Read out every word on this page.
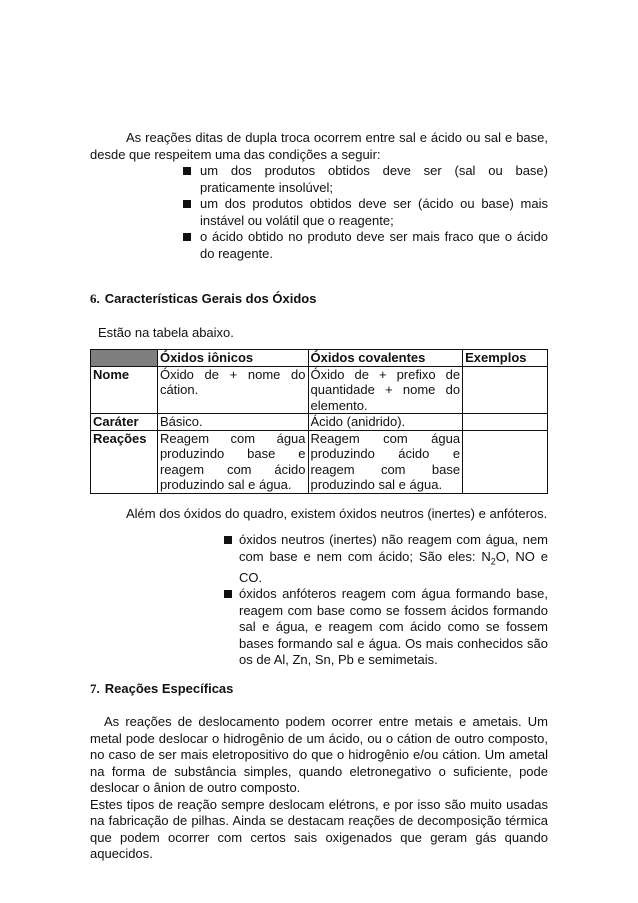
As reações ditas de dupla troca ocorrem entre sal e ácido ou sal e base, desde que respeitem uma das condições a seguir:

um dos produtos obtidos deve ser (sal ou base) praticamente insolúvel;
um dos produtos obtidos deve ser (ácido ou base) mais instável ou volátil que o reagente;
o ácido obtido no produto deve ser mais fraco que o ácido do reagente.
6. Características Gerais dos Óxidos

Estão na tabela abaixo.

	Óxidos iônicos	Óxidos covalentes	Exemplos
Nome	Óxido de + nome do cátion.	Óxido de + prefixo de quantidade + nome do elemento.	
Caráter	Básico.	Ácido (anidrido).	
Reações	Reagem com água produzindo base e reagem com ácido produzindo sal e água.	Reagem com água produzindo ácido e reagem com base produzindo sal e água.	

Além dos óxidos do quadro, existem óxidos neutros (inertes) e anfóteros.

óxidos neutros (inertes) não reagem com água, nem com base e nem com ácido; São eles: $N_2O$, NO e CO.
óxidos anfóteros reagem com água formando base, reagem com base como se fossem ácidos formando sal e água, e reagem com ácido como se fossem bases formando sal e água. Os mais conhecidos são os de Al, Zn, Sn, Pb e semimetais.
7. Reações Específicas

As reações de deslocamento podem ocorrer entre metais e ametais. Um metal pode deslocar o hidrogênio de um ácido, ou o cátion de outro composto, no caso de ser mais eletropositivo do que o hidrogênio e/ou cátion. Um ametal na forma de substância simples, quando eletronegativo o suficiente, pode deslocar o ânion de outro composto.

Estes tipos de reação sempre deslocam elétrons, e por isso são muito usadas na fabricação de pilhas. Ainda se destacam reações de decomposição térmica que podem ocorrer com certos sais oxigenados que geram gás quando aquecidos.
